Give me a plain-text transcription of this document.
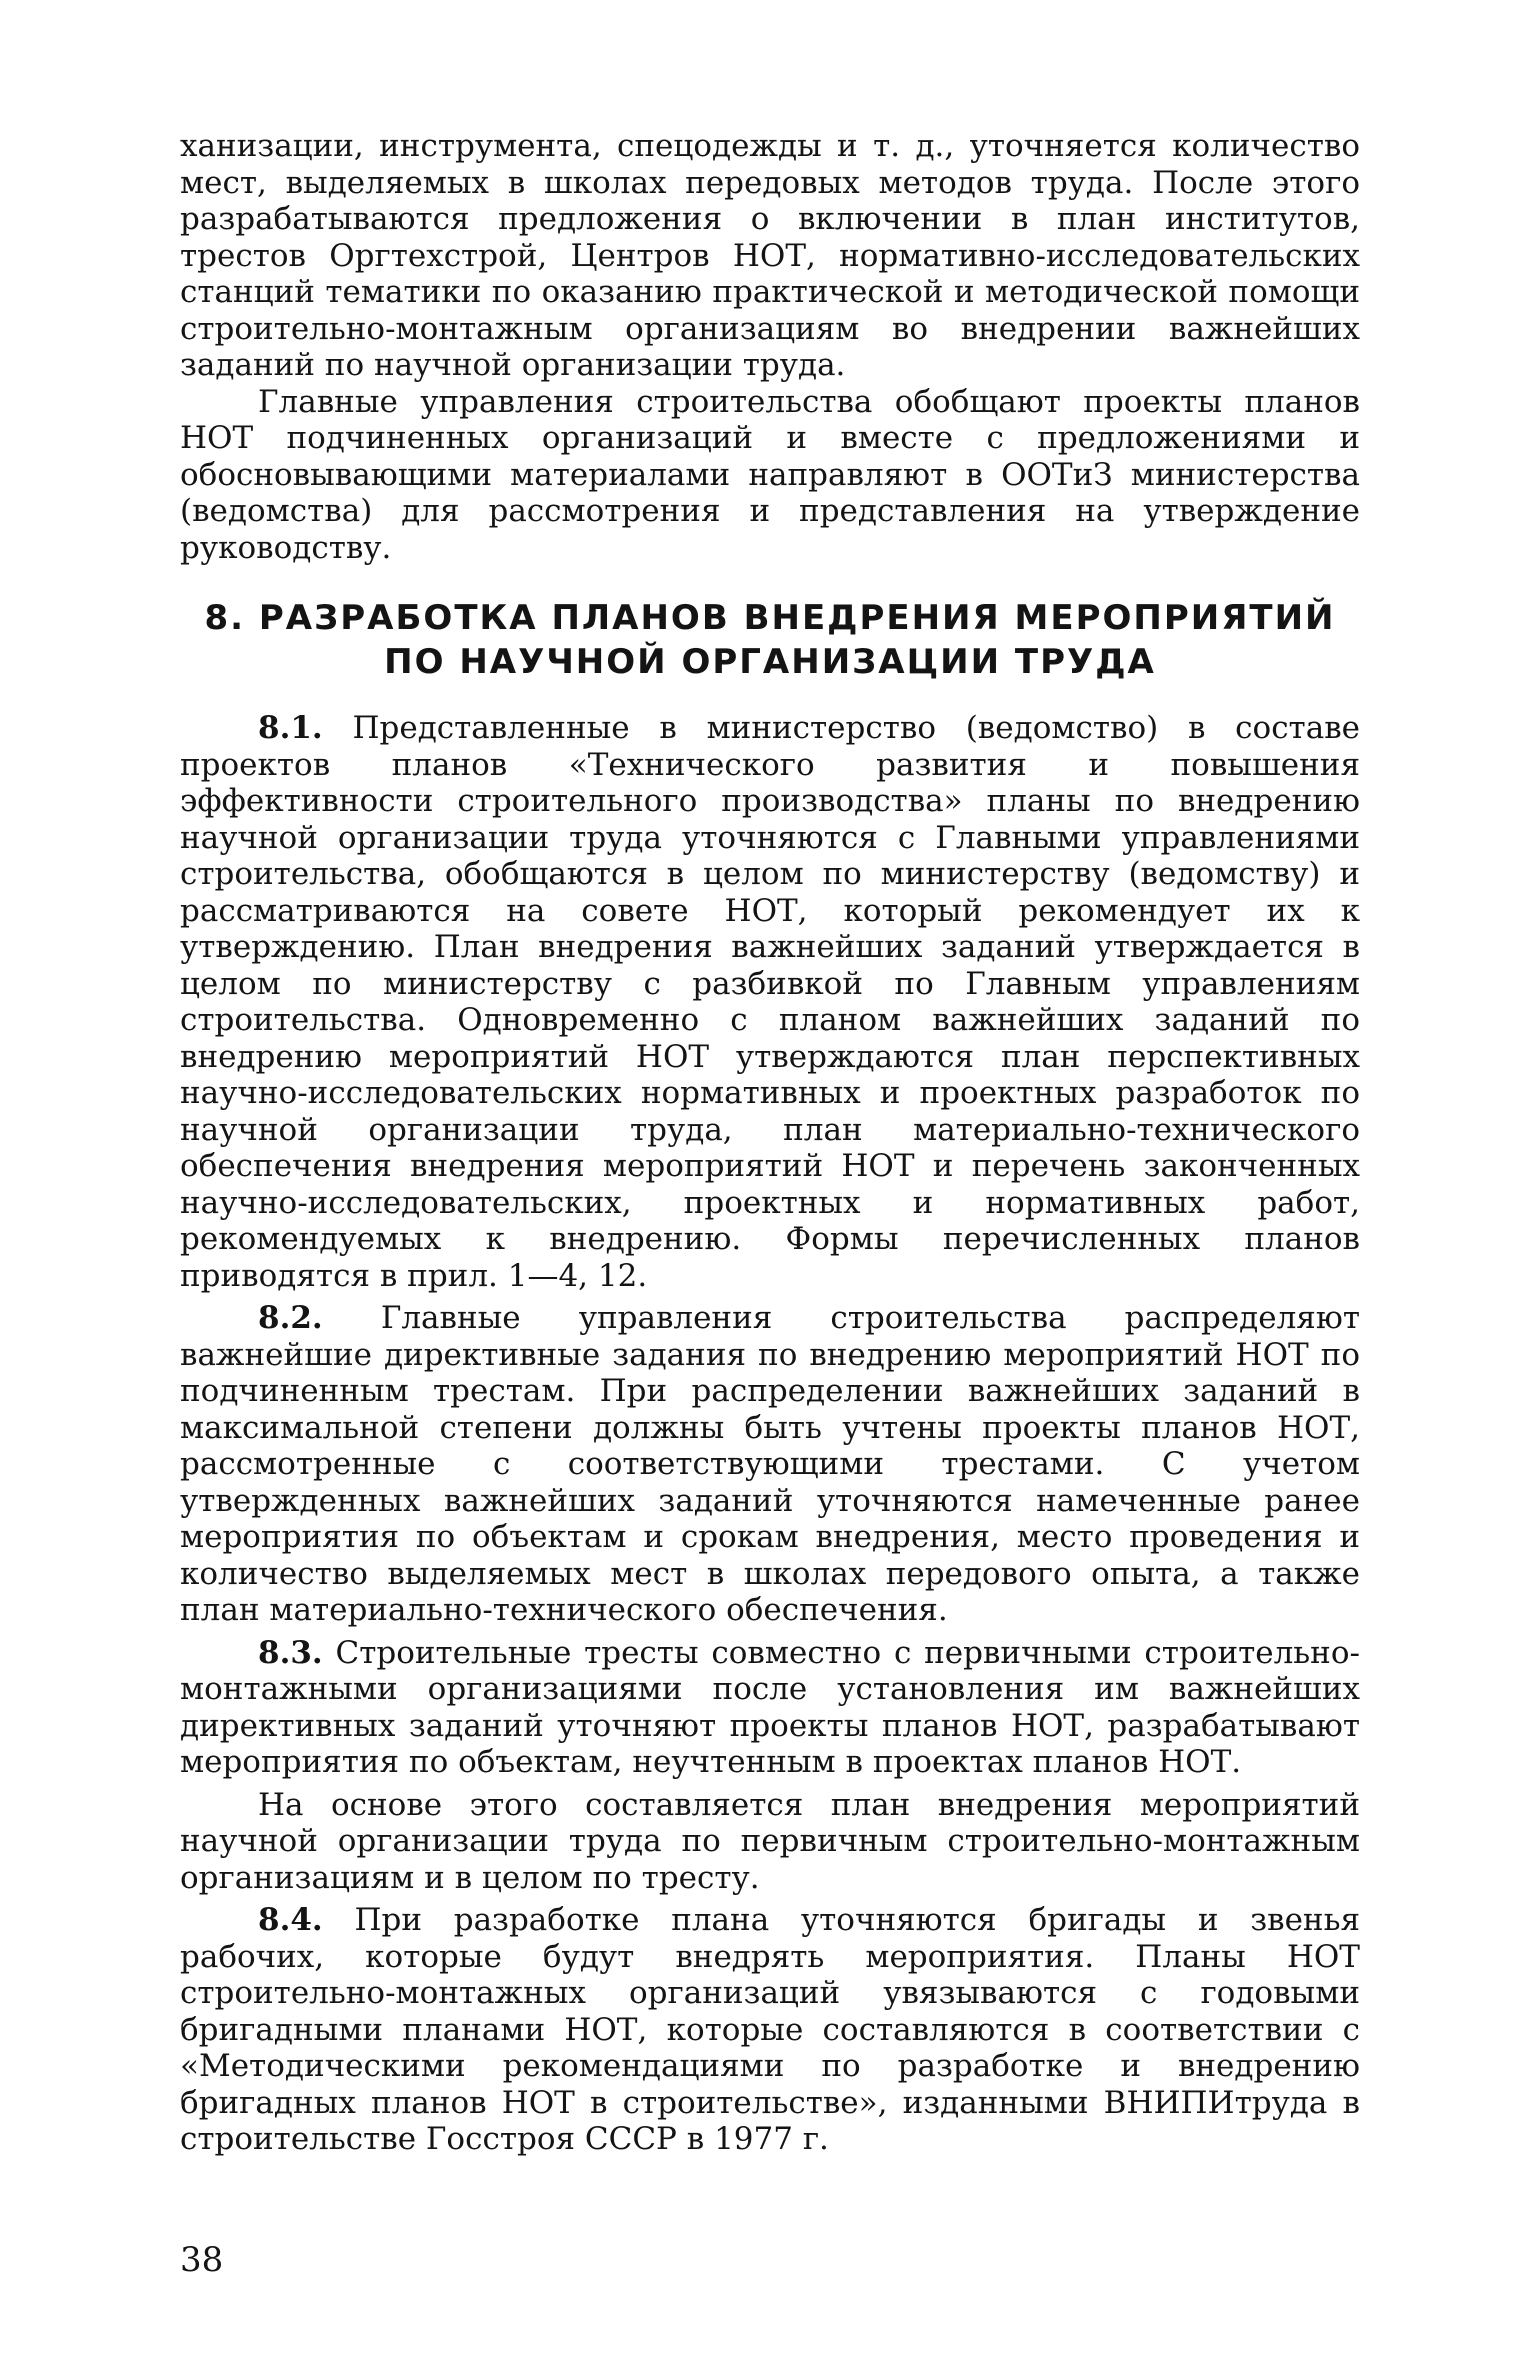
ханизации, инструмента, спецодежды и т. д., уточняется количество мест, выделяемых в школах передовых методов труда. После этого разрабатываются предложения о включении в план институтов, трестов Оргтехстрой, Центров НОТ, нормативно-исследовательских станций тематики по оказанию практической и методической помощи строительно-монтажным организациям во внедрении важнейших заданий по научной организации труда.

Главные управления строительства обобщают проекты планов НОТ подчиненных организаций и вместе с предложениями и обосновывающими материалами направляют в ООТиЗ министерства (ведомства) для рассмотрения и представления на утверждение руководству.

8. РАЗРАБОТКА ПЛАНОВ ВНЕДРЕНИЯ МЕРОПРИЯТИЙ
ПО НАУЧНОЙ ОРГАНИЗАЦИИ ТРУДА

8.1. Представленные в министерство (ведомство) в составе проектов планов «Технического развития и повышения эффективности строительного производства» планы по внедрению научной организации труда уточняются с Главными управлениями строительства, обобщаются в целом по министерству (ведомству) и рассматриваются на совете НОТ, который рекомендует их к утверждению. План внедрения важнейших заданий утверждается в целом по министерству с разбивкой по Главным управлениям строительства. Одновременно с планом важнейших заданий по внедрению мероприятий НОТ утверждаются план перспективных научно-исследовательских нормативных и проектных разработок по научной организации труда, план материально-технического обеспечения внедрения мероприятий НОТ и перечень законченных научно-исследовательских, проектных и нормативных работ, рекомендуемых к внедрению. Формы перечисленных планов приводятся в прил. 1—4, 12.

8.2. Главные управления строительства распределяют важнейшие директивные задания по внедрению мероприятий НОТ по подчиненным трестам. При распределении важнейших заданий в максимальной степени должны быть учтены проекты планов НОТ, рассмотренные с соответствующими трестами. С учетом утвержденных важнейших заданий уточняются намеченные ранее мероприятия по объектам и срокам внедрения, место проведения и количество выделяемых мест в школах передового опыта, а также план материально-технического обеспечения.

8.3. Строительные тресты совместно с первичными строительно-монтажными организациями после установления им важнейших директивных заданий уточняют проекты планов НОТ, разрабатывают мероприятия по объектам, неучтенным в проектах планов НОТ.

На основе этого составляется план внедрения мероприятий научной организации труда по первичным строительно-монтажным организациям и в целом по тресту.

8.4. При разработке плана уточняются бригады и звенья рабочих, которые будут внедрять мероприятия. Планы НОТ строительно-монтажных организаций увязываются с годовыми бригадными планами НОТ, которые составляются в соответствии с «Методическими рекомендациями по разработке и внедрению бригадных планов НОТ в строительстве», изданными ВНИПИтруда в строительстве Госстроя СССР в 1977 г.

38
